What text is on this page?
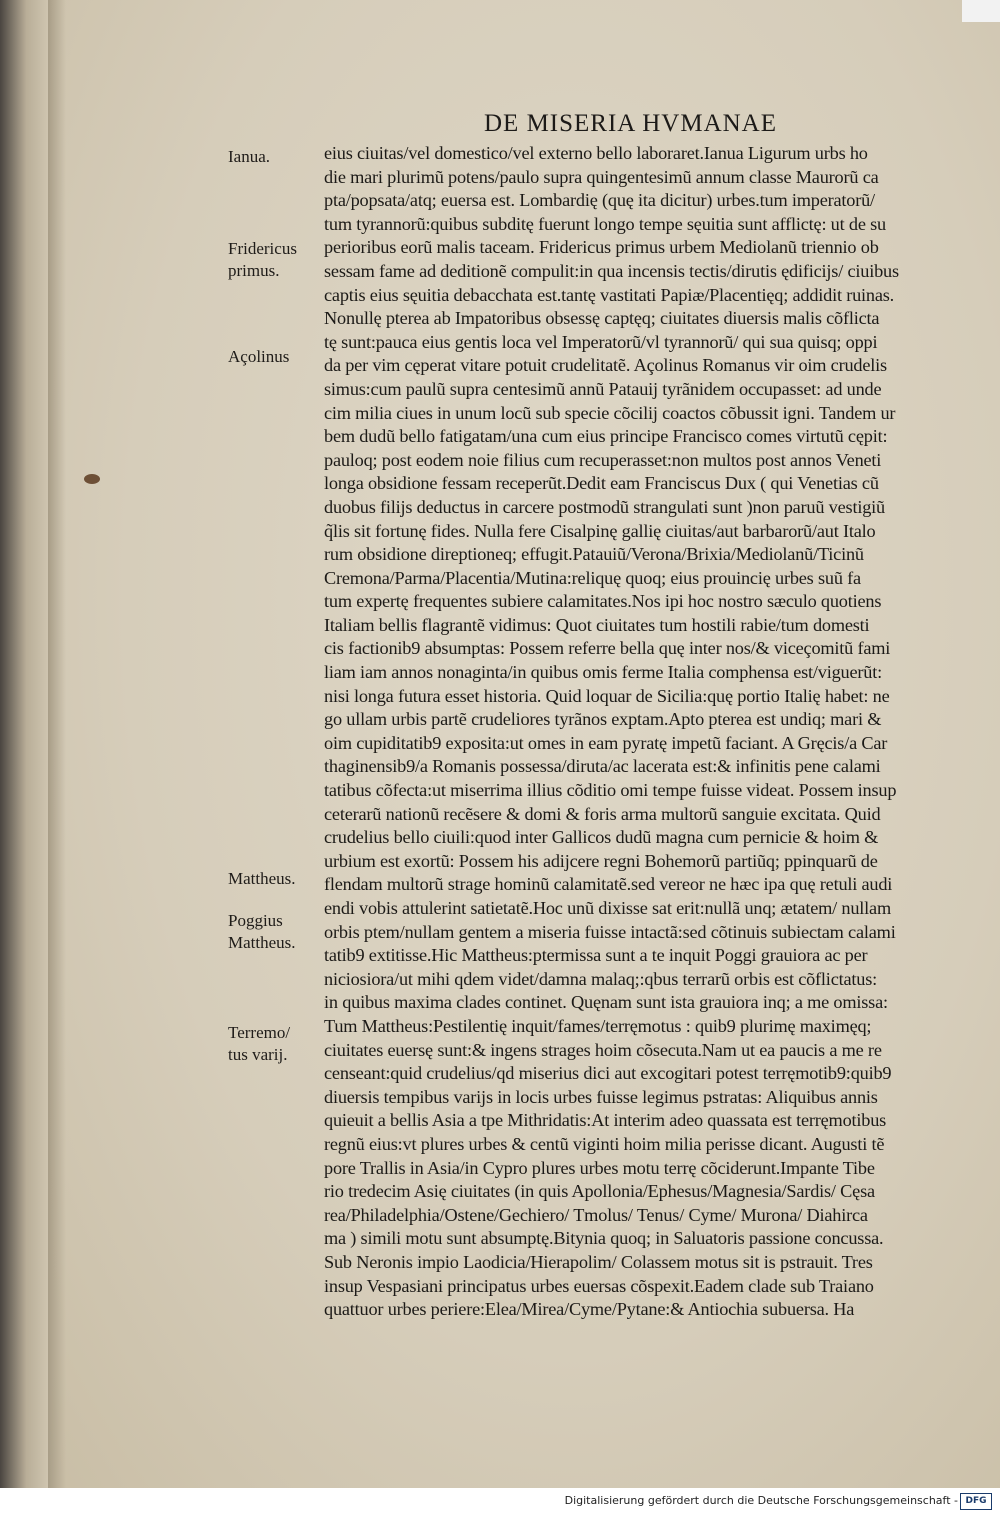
DE MISERIA HVMANAE
Ianua.
Fridericus primus.
Açolinus
Mattheus.
Poggius
Mattheus.
Terremo/ tus varij.
eius ciuitas/vel domestico/vel externo bello laboraret.Ianua Ligurum urbs ho
die mari plurimũ potens/paulo supra quingentesimũ annum classe Maurorũ ca
pta/popsata/atq; euersa est. Lombardię (quę ita dicitur) urbes.tum imperatorũ/
tum tyrannorũ:quibus subditę fuerunt longo tempe sęuitia sunt afflictę: ut de su
perioribus eorũ malis taceam. Fridericus primus urbem Mediolanũ triennio ob
sessam fame ad deditionẽ compulit:in qua incensis tectis/dirutis ędificijs/ ciuibus
captis eius sęuitia debacchata est.tantę vastitati Papiæ/Placentięq; addidit ruinas.
Nonullę pterea ab Impatoribus obsessę captęq; ciuitates diuersis malis cõflicta
tę sunt:pauca eius gentis loca vel Imperatorũ/vl tyrannorũ/ qui sua quisq; oppi
da per vim cęperat vitare potuit crudelitatẽ. Açolinus Romanus vir oim crudelis
simus:cum paulũ supra centesimũ annũ Patauij tyrãnidem occupasset: ad unde
cim milia ciues in unum locũ sub specie cõcilij coactos cõbussit igni. Tandem ur
bem dudũ bello fatigatam/una cum eius principe Francisco comes virtutũ cępit:
pauloq; post eodem noie filius cum recuperasset:non multos post annos Veneti
longa obsidione fessam receperũt.Dedit eam Franciscus Dux ( qui Venetias cũ
duobus filijs deductus in carcere postmodũ strangulati sunt )non paruũ vestigiũ
q̃lis sit fortunę fides. Nulla fere Cisalpinę gallię ciuitas/aut barbarorũ/aut Italo
rum obsidione direptioneq; effugit.Patauiũ/Verona/Brixia/Mediolanũ/Ticinũ
Cremona/Parma/Placentia/Mutina:reliquę quoq; eius prouincię urbes suũ fa
tum expertę frequentes subiere calamitates.Nos ipi hoc nostro sæculo quotiens
Italiam bellis flagrantẽ vidimus: Quot ciuitates tum hostili rabie/tum domesti
cis factionib9 absumptas: Possem referre bella quę inter nos/& viceçomitũ fami
liam iam annos nonaginta/in quibus omis ferme Italia comphensa est/viguerũt:
nisi longa futura esset historia. Quid loquar de Sicilia:quę portio Italię habet: ne
go ullam urbis partẽ crudeliores tyrãnos exptam.Apto pterea est undiq; mari &
oim cupiditatib9 exposita:ut omes in eam pyratę impetũ faciant. A Gręcis/a Car
thaginensib9/a Romanis possessa/diruta/ac lacerata est:& infinitis pene calami
tatibus cõfecta:ut miserrima illius cõditio omi tempe fuisse videat. Possem insup
ceterarũ nationũ recẽsere & domi & foris arma multorũ sanguie excitata. Quid
crudelius bello ciuili:quod inter Gallicos dudũ magna cum pernicie & hoim &
urbium est exortũ: Possem his adijcere regni Bohemorũ partiũq; ppinquarũ de
flendam multorũ strage hominũ calamitatẽ.sed vereor ne hæc ipa quę retuli audi
endi vobis attulerint satietatẽ.Hoc unũ dixisse sat erit:nullã unq; ætatem/ nullam
orbis ptem/nullam gentem a miseria fuisse intactã:sed cõtinuis subiectam calami
tatib9 extitisse.Hic Mattheus:ptermissa sunt a te inquit Poggi grauiora ac per
niciosiora/ut mihi qdem videt/damna malaq;:qbus terrarũ orbis est cõflictatus:
in quibus maxima clades continet. Quęnam sunt ista grauiora inq; a me omissa:
Tum Mattheus:Pestilentię inquit/fames/terręmotus : quib9 plurimę maximęq;
ciuitates euersę sunt:& ingens strages hoim cõsecuta.Nam ut ea paucis a me re
censeant:quid crudelius/qd miserius dici aut excogitari potest terręmotib9:quib9
diuersis tempibus varijs in locis urbes fuisse legimus pstratas: Aliquibus annis
quieuit a bellis Asia a tpe Mithridatis:At interim adeo quassata est terręmotibus
regnũ eius:vt plures urbes & centũ viginti hoim milia perisse dicant. Augusti tẽ
pore Trallis in Asia/in Cypro plures urbes motu terrę cõciderunt.Impante Tibe
rio tredecim Asię ciuitates (in quis Apollonia/Ephesus/Magnesia/Sardis/ Cęsa
rea/Philadelphia/Ostene/Gechiero/ Tmolus/ Tenus/ Cyme/ Murona/ Diahirca
ma ) simili motu sunt absumptę.Bitynia quoq; in Saluatoris passione concussa.
Sub Neronis impio Laodicia/Hierapolim/ Colassem motus sit is pstrauit. Tres
insup Vespasiani principatus urbes euersas cõspexit.Eadem clade sub Traiano
quattuor urbes periere:Elea/Mirea/Cyme/Pytane:& Antiochia subuersa. Ha
Digitalisierung gefördert durch die Deutsche Forschungsgemeinschaft - DFG
